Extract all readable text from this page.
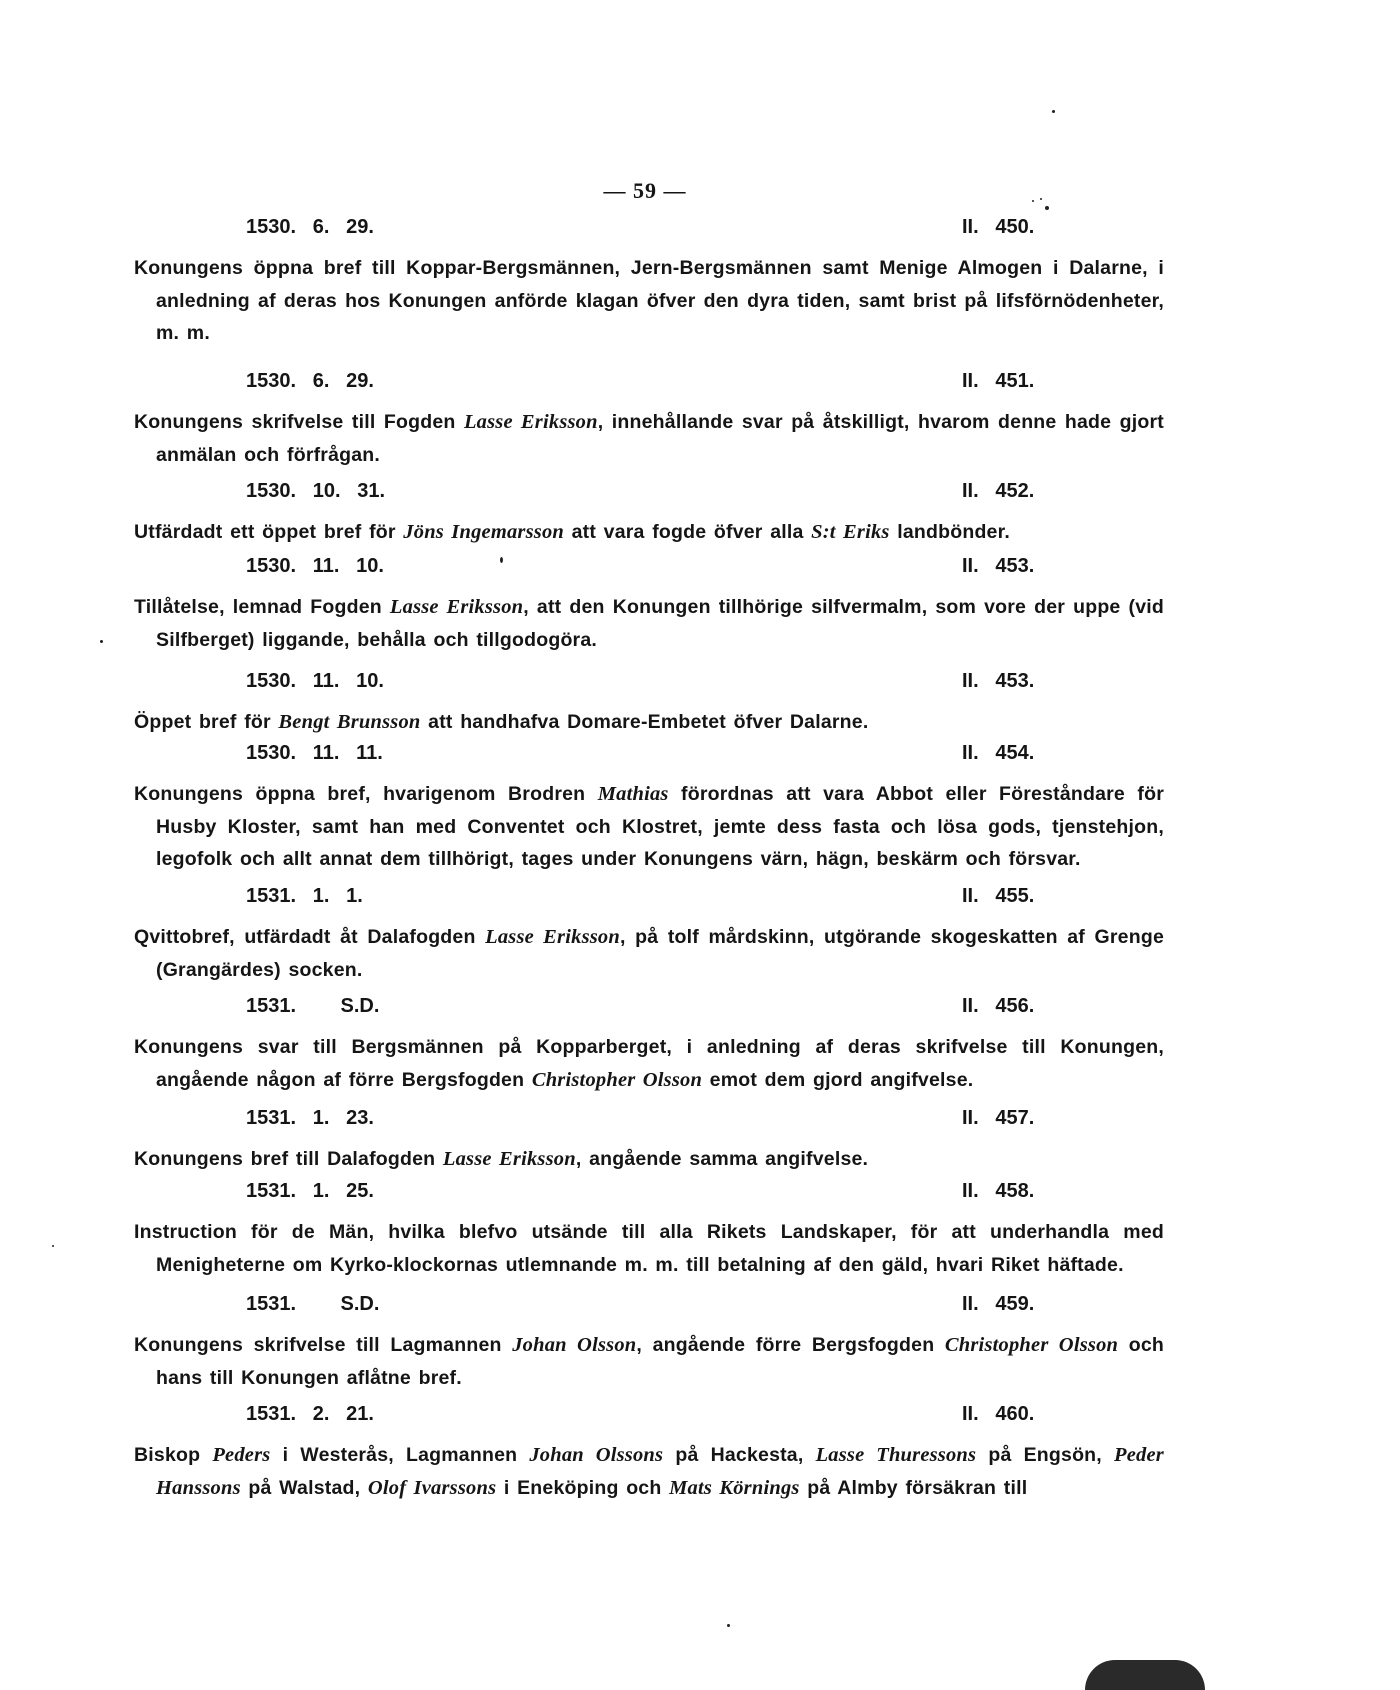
— 59 —
1530.   6.   29.	II.   450.
Konungens öppna bref till Koppar-Bergsmännen, Jern-Bergsmännen samt Menige Almogen i Dalarne, i anledning af deras hos Konungen anförde klagan öfver den dyra tiden, samt brist på lifsförnödenheter, m. m.
1530.   6.   29.	II.   451.
Konungens skrifvelse till Fogden Lasse Eriksson, innehållande svar på åtskilligt, hvarom denne hade gjort anmälan och förfrågan.
1530.   10.   31.	II.   452.
Utfärdadt ett öppet bref för Jöns Ingemarsson att vara fogde öfver alla S:t Eriks landbönder.
1530.   11.   10.	II.   453.
Tillåtelse, lemnad Fogden Lasse Eriksson, att den Konungen tillhörige silfvermalm, som vore der uppe (vid Silfberget) liggande, behålla och tillgodogöra.
1530.   11.   10.	II.   453.
Öppet bref för Bengt Brunsson att handhafva Domare-Embetet öfver Dalarne.
1530.   11.   11.	II.   454.
Konungens öppna bref, hvarigenom Brodren Mathias förordnas att vara Abbot eller Föreståndare för Husby Kloster, samt han med Conventet och Klostret, jemte dess fasta och lösa gods, tjenstehjon, legofolk och allt annat dem tillhörigt, tages under Konungens värn, hägn, beskärm och försvar.
1531.   1.   1.	II.   455.
Qvittobref, utfärdadt åt Dalafogden Lasse Eriksson, på tolf mårdskinn, utgörande skogeskatten af Grenge (Grangärdes) socken.
1531.        S.D.	II.   456.
Konungens svar till Bergsmännen på Kopparberget, i anledning af deras skrifvelse till Konungen, angående någon af förre Bergsfogden Christopher Olsson emot dem gjord angifvelse.
1531.   1.   23.	II.   457.
Konungens bref till Dalafogden Lasse Eriksson, angående samma angifvelse.
1531.   1.   25.	II.   458.
Instruction för de Män, hvilka blefvo utsände till alla Rikets Landskaper, för att underhandla med Menigheterne om Kyrko-klockornas utlemnande m. m. till betalning af den gäld, hvari Riket häftade.
1531.        S.D.	II.   459.
Konungens skrifvelse till Lagmannen Johan Olsson, angående förre Bergsfogden Christopher Olsson och hans till Konungen aflåtne bref.
1531.   2.   21.	II.   460.
Biskop Peders i Westerås, Lagmannen Johan Olssons på Hackesta, Lasse Thuressons på Engsön, Peder Hanssons på Walstad, Olof Ivarssons i Eneköping och Mats Körnings på Almby försäkran till
